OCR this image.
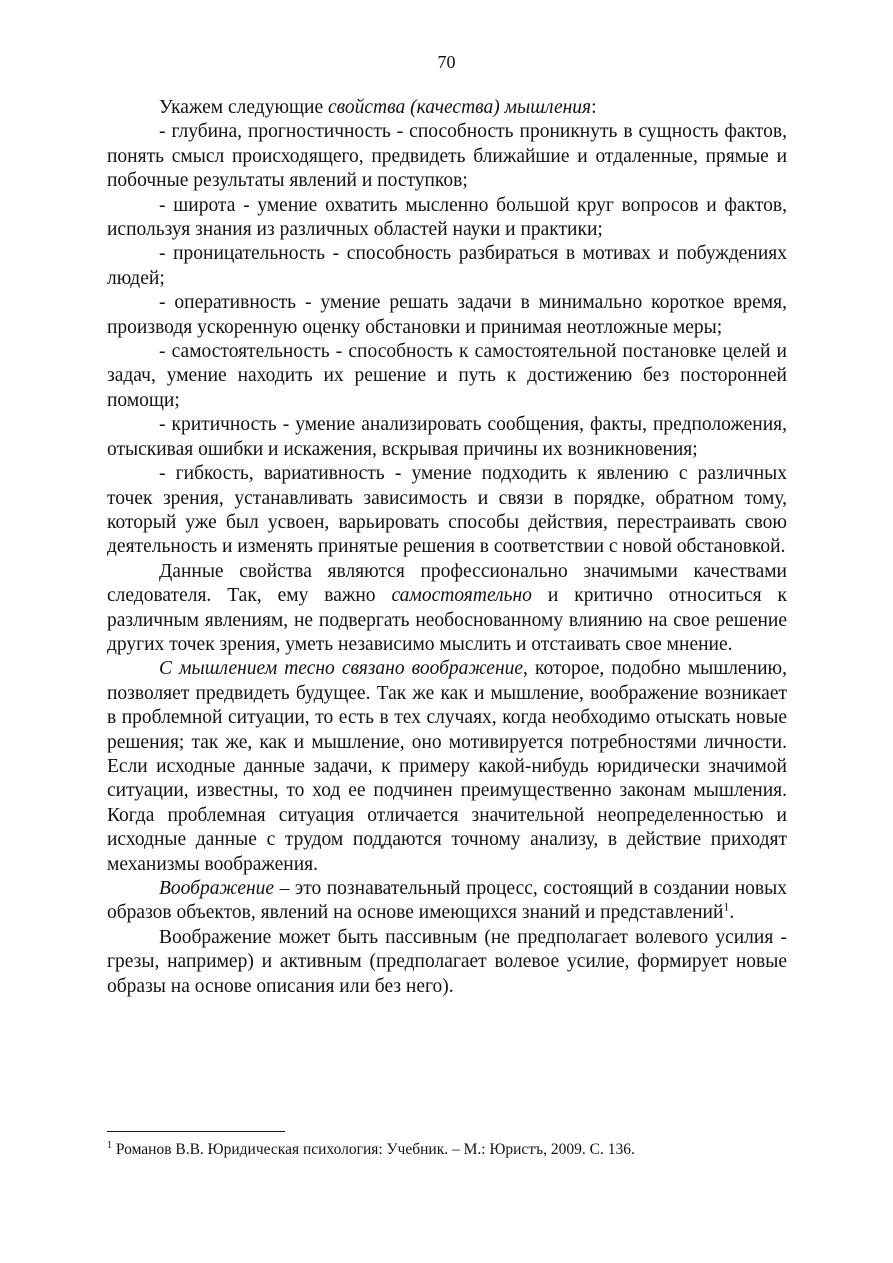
70

Укажем следующие свойства (качества) мышления:

- глубина, прогностичность - способность проникнуть в сущность фактов, понять смысл происходящего, предвидеть ближайшие и отдаленные, прямые и побочные результаты явлений и поступков;

- широта - умение охватить мысленно большой круг вопросов и фактов, используя знания из различных областей науки и практики;

- проницательность - способность разбираться в мотивах и побуждениях людей;

- оперативность - умение решать задачи в минимально короткое время, производя ускоренную оценку обстановки и принимая неотложные меры;

- самостоятельность - способность к самостоятельной постановке целей и задач, умение находить их решение и путь к достижению без посторонней помощи;

- критичность - умение анализировать сообщения, факты, предположения, отыскивая ошибки и искажения, вскрывая причины их возникновения;

- гибкость, вариативность - умение подходить к явлению с различных точек зрения, устанавливать зависимость и связи в порядке, обратном тому, который уже был усвоен, варьировать способы действия, перестраивать свою деятельность и изменять принятые решения в соответствии с новой обстановкой.

Данные свойства являются профессионально значимыми качествами следователя. Так, ему важно самостоятельно и критично относиться к различным явлениям, не подвергать необоснованному влиянию на свое решение других точек зрения, уметь независимо мыслить и отстаивать свое мнение.

С мышлением тесно связано воображение, которое, подобно мышлению, позволяет предвидеть будущее. Так же как и мышление, воображение возникает в проблемной ситуации, то есть в тех случаях, когда необходимо отыскать новые решения; так же, как и мышление, оно мотивируется потребностями личности. Если исходные данные задачи, к примеру какой-нибудь юридически значимой ситуации, известны, то ход ее подчинен преимущественно законам мышления. Когда проблемная ситуация отличается значительной неопределенностью и исходные данные с трудом поддаются точному анализу, в действие приходят механизмы воображения.

Воображение – это познавательный процесс, состоящий в создании новых образов объектов, явлений на основе имеющихся знаний и представлений$^1$.

Воображение может быть пассивным (не предполагает волевого усилия - грезы, например) и активным (предполагает волевое усилие, формирует новые образы на основе описания или без него).

$^1$ Романов В.В. Юридическая психология: Учебник. – М.: Юристъ, 2009. С. 136.
